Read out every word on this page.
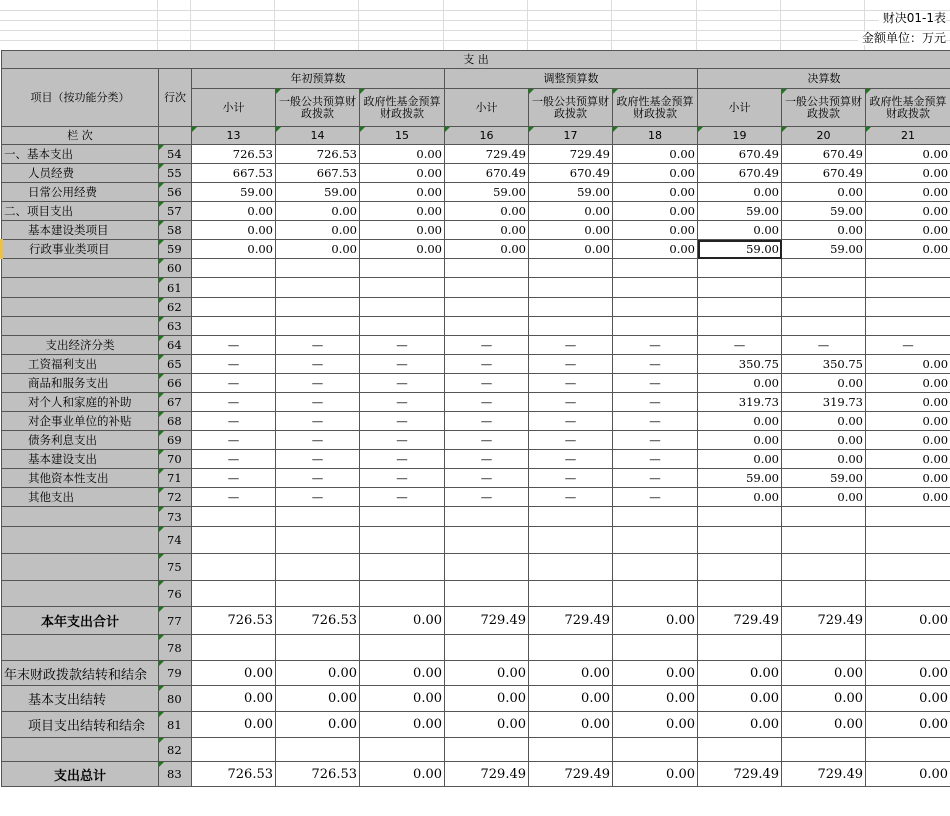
财决01-1表
金额单位：万元
支 出										
项目（按功能分类）	行次	年初预算数			调整预算数			决算数		
		小计	一般公共预算财政拨款	政府性基金预算财政拨款	小计	一般公共预算财政拨款	政府性基金预算财政拨款	小计	一般公共预算财政拨款	政府性基金预算财政拨款

栏 次		13	14	15	16	17	18	19	20	21
一、基本支出	54	726.53	726.53	0.00	729.49	729.49	0.00	670.49	670.49	0.00
人员经费	55	667.53	667.53	0.00	670.49	670.49	0.00	670.49	670.49	0.00
日常公用经费	56	59.00	59.00	0.00	59.00	59.00	0.00	0.00	0.00	0.00
二、项目支出	57	0.00	0.00	0.00	0.00	0.00	0.00	59.00	59.00	0.00
基本建设类项目	58	0.00	0.00	0.00	0.00	0.00	0.00	0.00	0.00	0.00
行政事业类项目	59	0.00	0.00	0.00	0.00	0.00	0.00	59.00	59.00	0.00
	60									
	61									
	62									
	63									
支出经济分类	64	—	—	—	—	—	—	—	—	—
工资福利支出	65	—	—	—	—	—	—	350.75	350.75	0.00
商品和服务支出	66	—	—	—	—	—	—	0.00	0.00	0.00
对个人和家庭的补助	67	—	—	—	—	—	—	319.73	319.73	0.00
对企事业单位的补贴	68	—	—	—	—	—	—	0.00	0.00	0.00
债务利息支出	69	—	—	—	—	—	—	0.00	0.00	0.00
基本建设支出	70	—	—	—	—	—	—	0.00	0.00	0.00
其他资本性支出	71	—	—	—	—	—	—	59.00	59.00	0.00
其他支出	72	—	—	—	—	—	—	0.00	0.00	0.00
	73									
	74									
	75									
	76									
本年支出合计	77	726.53	726.53	0.00	729.49	729.49	0.00	729.49	729.49	0.00
	78									
年末财政拨款结转和结余	79	0.00	0.00	0.00	0.00	0.00	0.00	0.00	0.00	0.00
基本支出结转	80	0.00	0.00	0.00	0.00	0.00	0.00	0.00	0.00	0.00
项目支出结转和结余	81	0.00	0.00	0.00	0.00	0.00	0.00	0.00	0.00	0.00
	82									
支出总计	83	726.53	726.53	0.00	729.49	729.49	0.00	729.49	729.49	0.00
